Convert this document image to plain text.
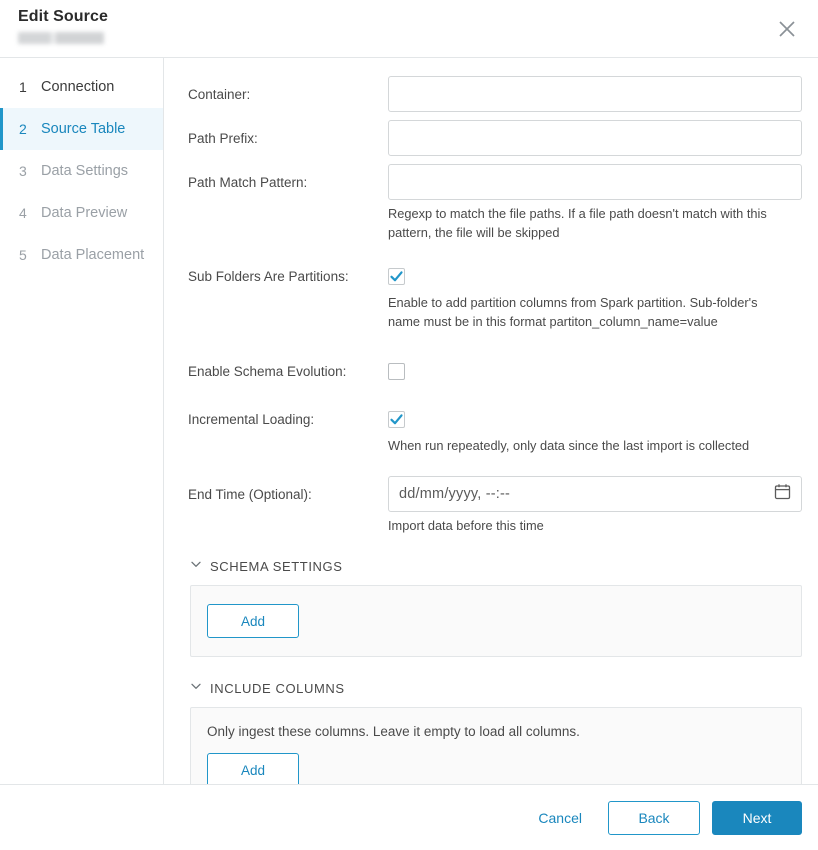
Edit Source
1 Connection
2 Source Table
3 Data Settings
4 Data Preview
5 Data Placement
Container:
Path Prefix:
Path Match Pattern:
Regexp to match the file paths. If a file path doesn't match with this pattern, the file will be skipped
Sub Folders Are Partitions:
Enable to add partition columns from Spark partition. Sub-folder's name must be in this format partiton_column_name=value
Enable Schema Evolution:
Incremental Loading:
When run repeatedly, only data since the last import is collected
End Time (Optional):	dd/mm/yyyy, --:--
Import data before this time
SCHEMA SETTINGS
Add
INCLUDE COLUMNS
Only ingest these columns. Leave it empty to load all columns.
Add
Cancel	Back	Next
